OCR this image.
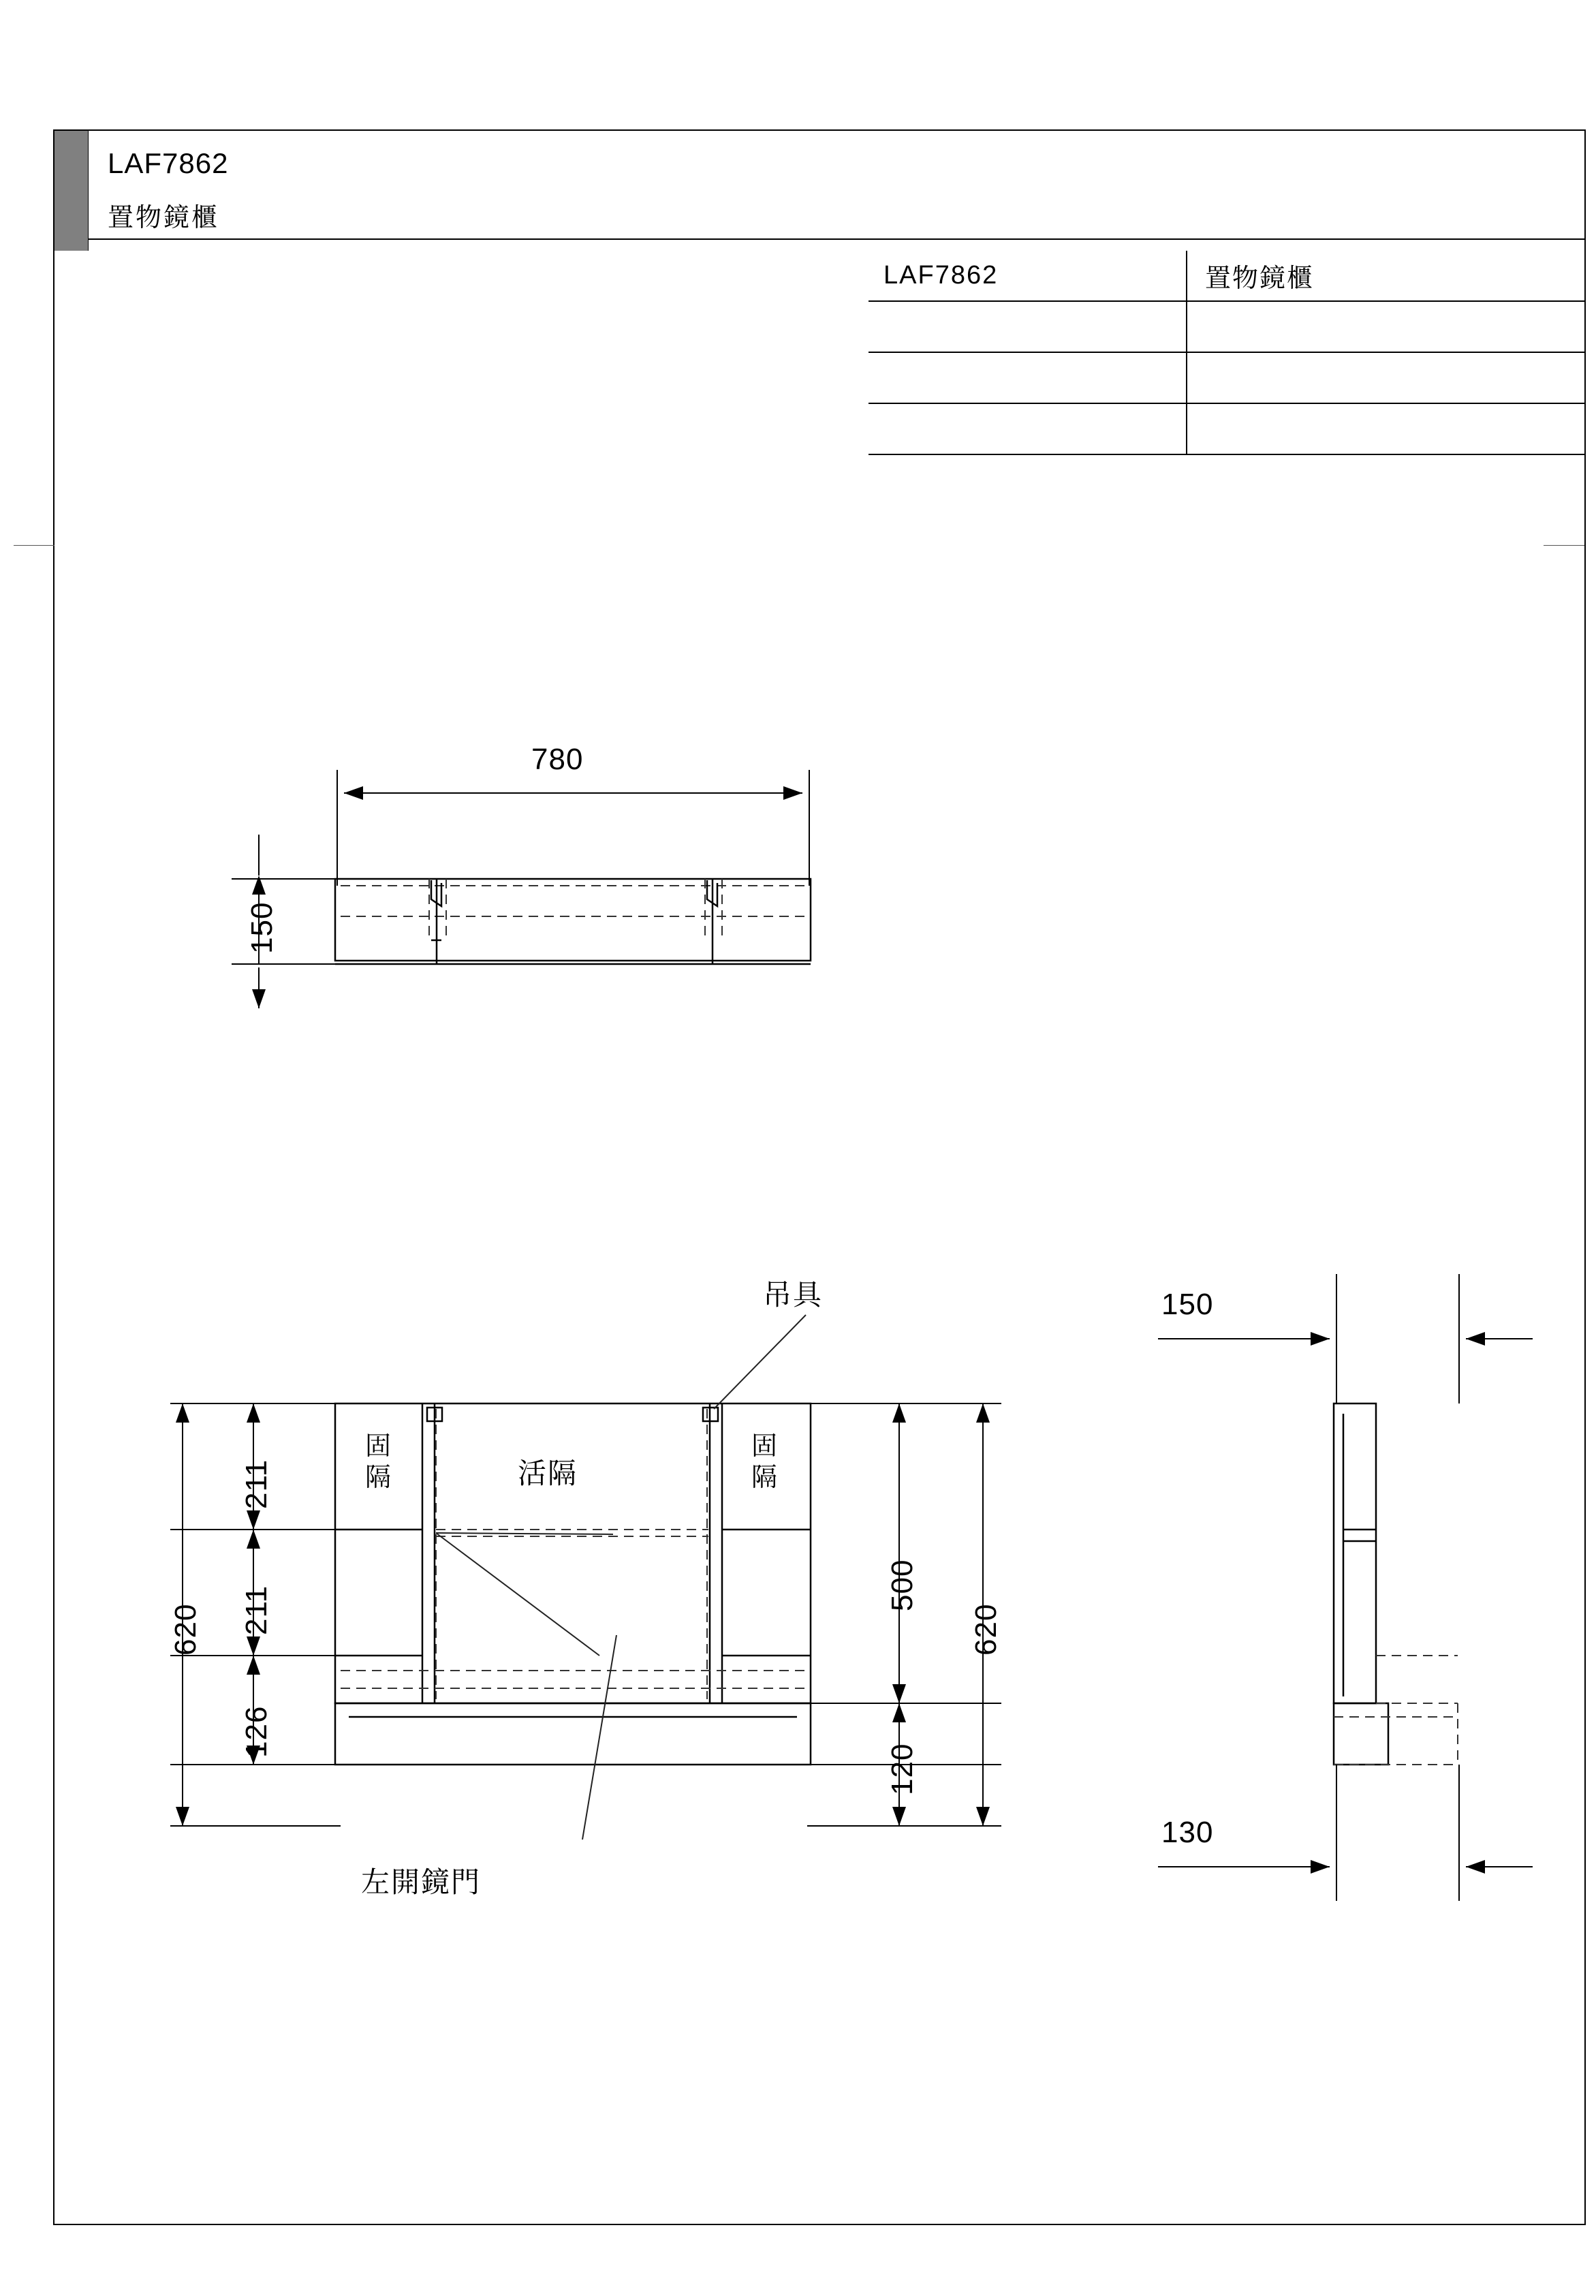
LAF7862
置物鏡櫃
LAF7862	置物鏡櫃
780
150
620
211
211
126
500
120
620
吊具
活隔
左開鏡門
固
隔
固
隔
150
130
